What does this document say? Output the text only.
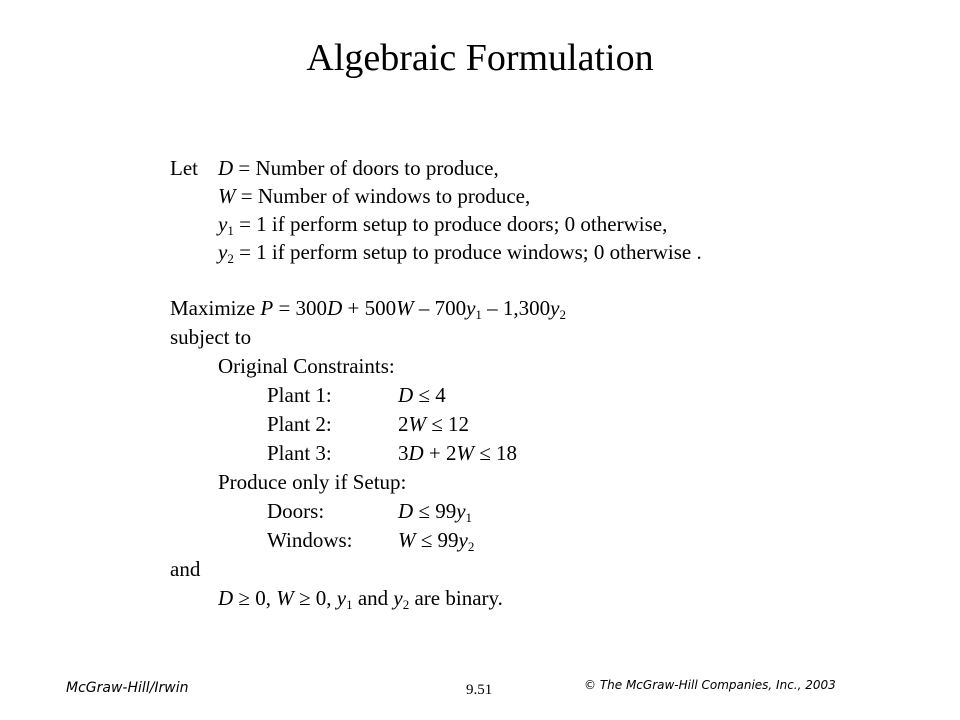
Algebraic Formulation
Let D = Number of doors to produce,
W = Number of windows to produce,
$y_1 = 1$ if perform setup to produce doors; 0 otherwise,
$y_2 = 1$ if perform setup to produce windows; 0 otherwise .
Maximize $P = 300D + 500W - 700y_1 - 1,300y_2$
subject to
Original Constraints:
Plant 1:	D ≤ 4
Plant 2:	2W ≤ 12
Plant 3:	3D + 2W ≤ 18
Produce only if Setup:
Doors:	$D \le 99y_1$
Windows: $W \le 99y_2$
and
D ≥ 0, W ≥ 0, $y_1$ and $y_2$ are binary.
McGraw-Hill/Irwin	9.51	© The McGraw-Hill Companies, Inc., 2003
